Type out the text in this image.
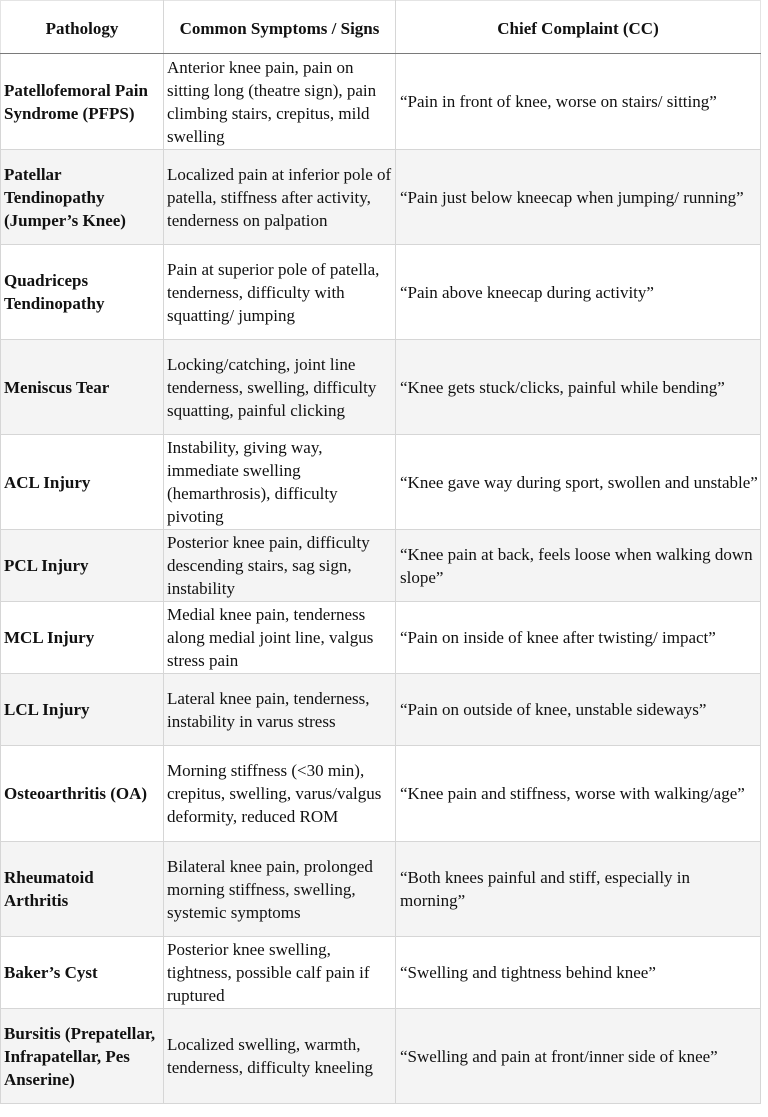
Pathology	Common Symptoms / Signs	Chief Complaint (CC)
Patellofemoral Pain Syndrome (PFPS)	Anterior knee pain, pain on sitting long (theatre sign), pain climbing stairs, crepitus, mild swelling	“Pain in front of knee, worse on stairs/ sitting”
Patellar Tendinopathy (Jumper’s Knee)	Localized pain at inferior pole of patella, stiffness after activity, tenderness on palpation	“Pain just below kneecap when jumping/ running”
Quadriceps Tendinopathy	Pain at superior pole of patella, tenderness, difficulty with squatting/ jumping	“Pain above kneecap during activity”
Meniscus Tear	Locking/catching, joint line tenderness, swelling, difficulty squatting, painful clicking	“Knee gets stuck/clicks, painful while bending”
ACL Injury	Instability, giving way, immediate swelling (hemarthrosis), difficulty pivoting	“Knee gave way during sport, swollen and unstable”
PCL Injury	Posterior knee pain, difficulty descending stairs, sag sign, instability	“Knee pain at back, feels loose when walking down slope”
MCL Injury	Medial knee pain, tenderness along medial joint line, valgus stress pain	“Pain on inside of knee after twisting/ impact”
LCL Injury	Lateral knee pain, tenderness, instability in varus stress	“Pain on outside of knee, unstable sideways”
Osteoarthritis (OA)	Morning stiffness (<30 min), crepitus, swelling, varus/valgus deformity, reduced ROM	“Knee pain and stiffness, worse with walking/age”
Rheumatoid Arthritis	Bilateral knee pain, prolonged morning stiffness, swelling, systemic symptoms	“Both knees painful and stiff, especially in morning”
Baker’s Cyst	Posterior knee swelling, tightness, possible calf pain if ruptured	“Swelling and tightness behind knee”
Bursitis (Prepatellar, Infrapatellar, Pes Anserine)	Localized swelling, warmth, tenderness, difficulty kneeling	“Swelling and pain at front/inner side of knee”
